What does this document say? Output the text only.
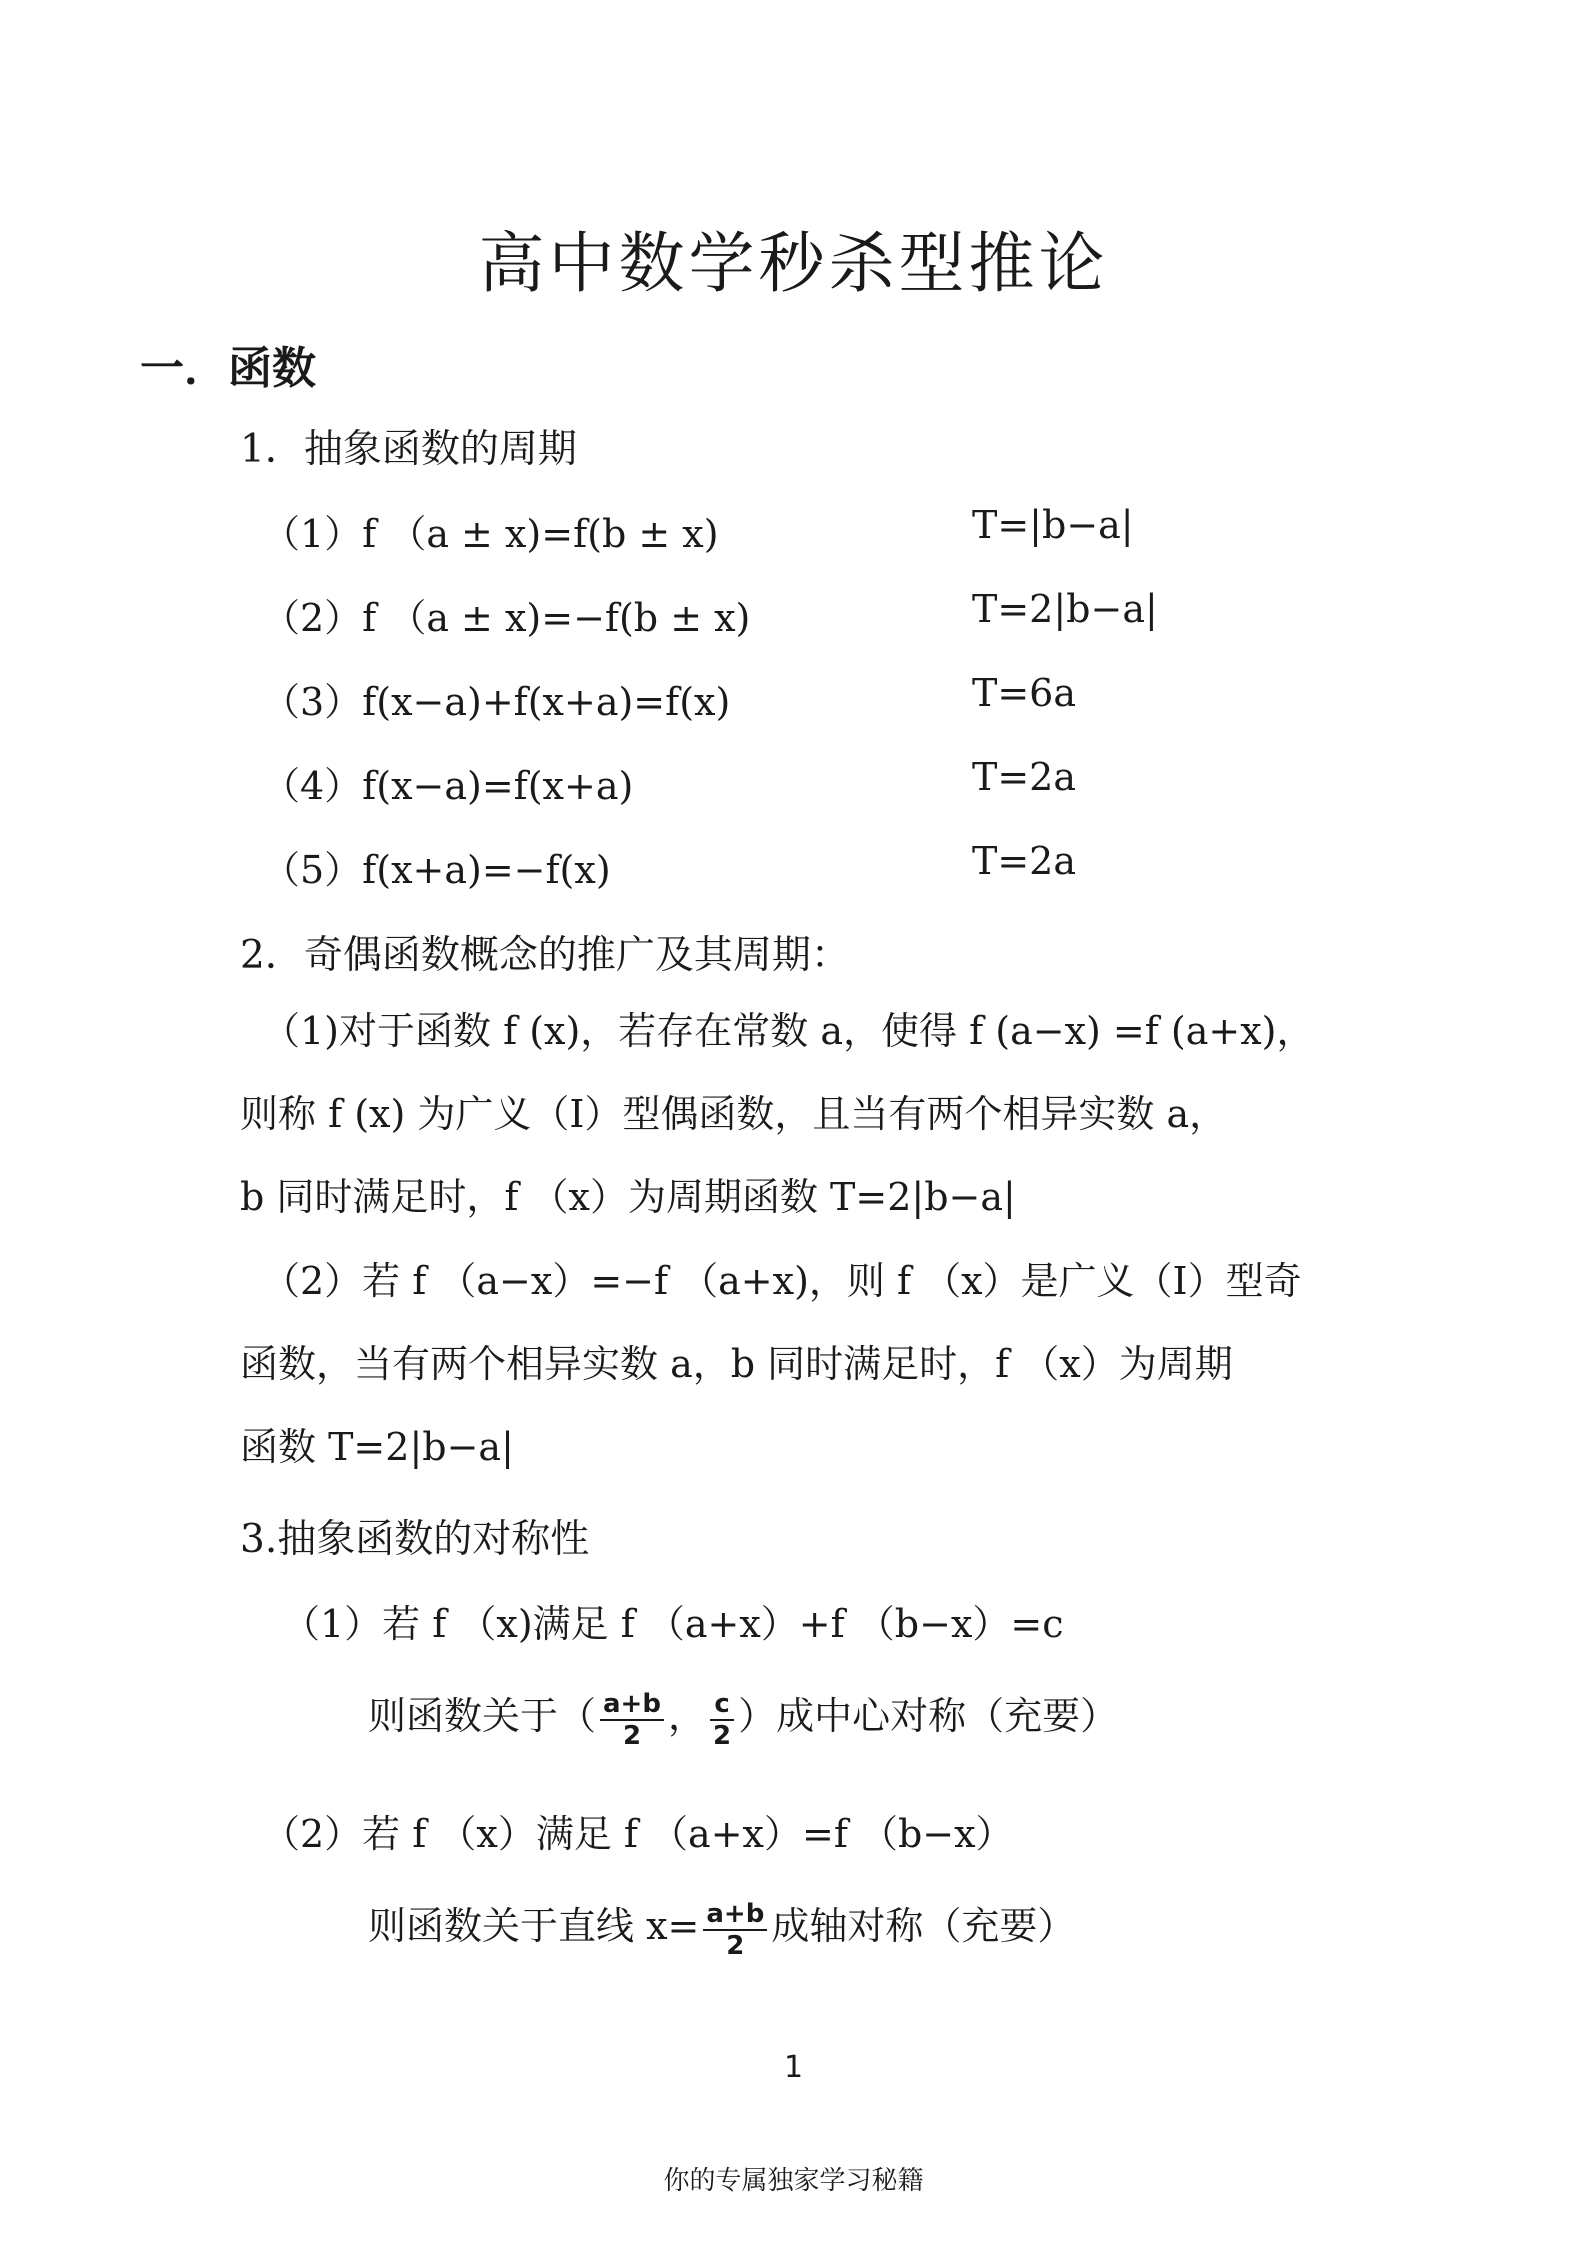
高中数学秒杀型推论
一．函数
1．抽象函数的周期
（1）f （a ± x)=f(b ± x)	T=|b−a|
（2）f （a ± x)=−f(b ± x)	T=2|b−a|
（3）f(x−a)+f(x+a)=f(x)	T=6a
（4）f(x−a)=f(x+a)	T=2a
（5）f(x+a)=−f(x)	T=2a
2．奇偶函数概念的推广及其周期：
（1)对于函数 f (x)，若存在常数 a，使得 f (a−x) =f (a+x)，
则称 f (x) 为广义（Ⅰ）型偶函数，且当有两个相异实数 a，
b 同时满足时，f （x）为周期函数 T=2|b−a|
（2）若 f （a−x）=−f （a+x)，则 f （x）是广义（Ⅰ）型奇
函数，当有两个相异实数 a，b 同时满足时，f （x）为周期
函数 T=2|b−a|
3.抽象函数的对称性
（1）若 f （x)满足 f （a+x）+f （b−x）=c
则函数关于（ $\frac{a+b}{2}$ ， $\frac{c}{2}$ ）成中心对称（充要）
（2）若 f （x）满足 f （a+x）=f （b−x）
则函数关于直线 $x= \frac{a+b}{2}$ 成轴对称（充要）
1
你的专属独家学习秘籍
